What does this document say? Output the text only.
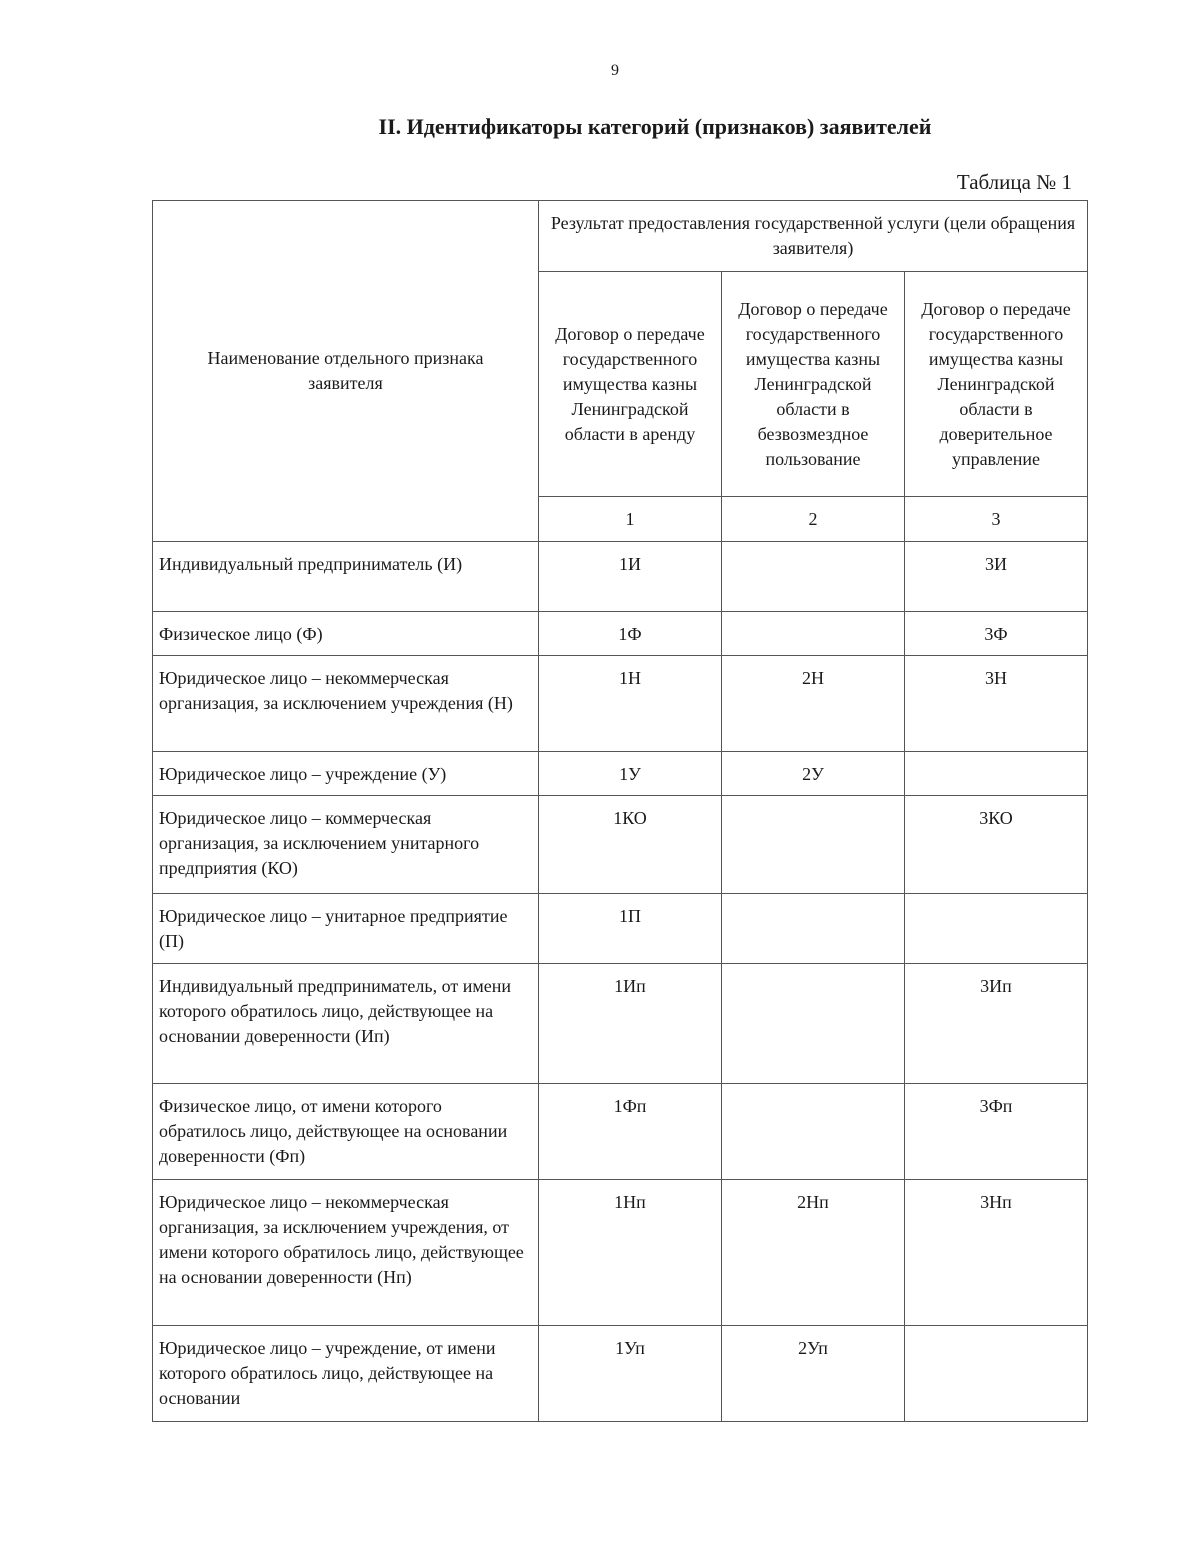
9
II. Идентификаторы категорий (признаков) заявителей
Таблица № 1
Наименование отдельного признака заявителя	Результат предоставления государственной услуги (цели обращения заявителя)		
	Договор о передаче государственного имущества казны Ленинградской области в аренду	Договор о передаче государственного имущества казны Ленинградской области в безвозмездное пользование	Договор о передаче государственного имущества казны Ленинградской области в доверительное управление
	1	2	3
Индивидуальный предприниматель (И)	1И		3И
Физическое лицо (Ф)	1Ф		3Ф
Юридическое лицо – некоммерческая организация, за исключением учреждения (Н)	1Н	2Н	3Н
Юридическое лицо – учреждение (У)	1У	2У	
Юридическое лицо – коммерческая организация, за исключением унитарного предприятия (КО)	1КО		3КО
Юридическое лицо – унитарное предприятие (П)	1П		
Индивидуальный предприниматель, от имени которого обратилось лицо, действующее на основании доверенности (Ип)	1Ип		3Ип
Физическое лицо, от имени которого обратилось лицо, действующее на основании доверенности (Фп)	1Фп		3Фп
Юридическое лицо – некоммерческая организация, за исключением учреждения, от имени которого обратилось лицо, действующее на основании доверенности (Нп)	1Нп	2Нп	3Нп
Юридическое лицо – учреждение, от имени которого обратилось лицо, действующее на основании	1Уп	2Уп	
